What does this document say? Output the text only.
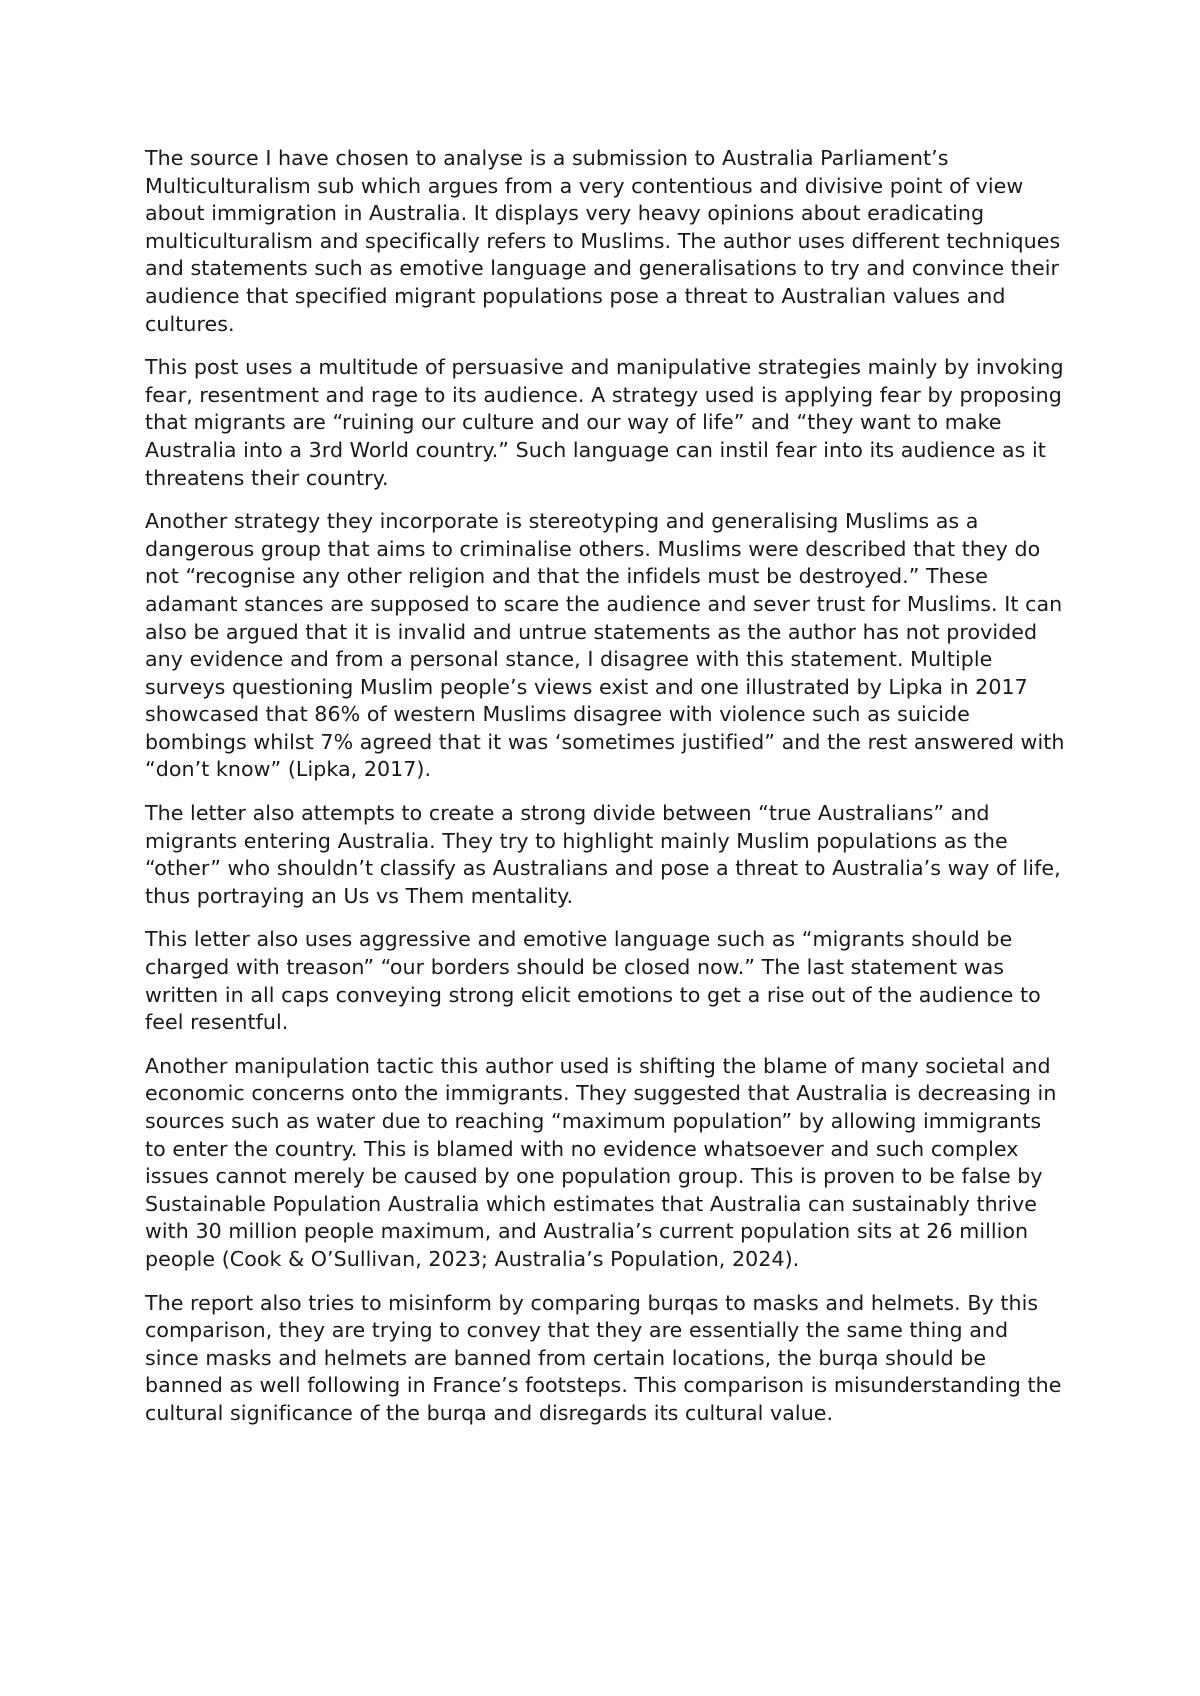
The source I have chosen to analyse is a submission to Australia Parliament’s Multiculturalism sub which argues from a very contentious and divisive point of view about immigration in Australia. It displays very heavy opinions about eradicating multiculturalism and specifically refers to Muslims. The author uses different techniques and statements such as emotive language and generalisations to try and convince their audience that specified migrant populations pose a threat to Australian values and cultures.

This post uses a multitude of persuasive and manipulative strategies mainly by invoking fear, resentment and rage to its audience. A strategy used is applying fear by proposing that migrants are “ruining our culture and our way of life” and “they want to make Australia into a 3rd World country.” Such language can instil fear into its audience as it threatens their country.

Another strategy they incorporate is stereotyping and generalising Muslims as a dangerous group that aims to criminalise others. Muslims were described that they do not “recognise any other religion and that the infidels must be destroyed.” These adamant stances are supposed to scare the audience and sever trust for Muslims. It can also be argued that it is invalid and untrue statements as the author has not provided any evidence and from a personal stance, I disagree with this statement. Multiple surveys questioning Muslim people’s views exist and one illustrated by Lipka in 2017 showcased that 86% of western Muslims disagree with violence such as suicide bombings whilst 7% agreed that it was ‘sometimes justified” and the rest answered with “don’t know” (Lipka, 2017).

The letter also attempts to create a strong divide between “true Australians” and migrants entering Australia. They try to highlight mainly Muslim populations as the “other” who shouldn’t classify as Australians and pose a threat to Australia’s way of life, thus portraying an Us vs Them mentality.

This letter also uses aggressive and emotive language such as “migrants should be charged with treason” “our borders should be closed now.” The last statement was written in all caps conveying strong elicit emotions to get a rise out of the audience to feel resentful.

Another manipulation tactic this author used is shifting the blame of many societal and economic concerns onto the immigrants. They suggested that Australia is decreasing in sources such as water due to reaching “maximum population” by allowing immigrants to enter the country. This is blamed with no evidence whatsoever and such complex issues cannot merely be caused by one population group. This is proven to be false by Sustainable Population Australia which estimates that Australia can sustainably thrive with 30 million people maximum, and Australia’s current population sits at 26 million people (Cook & O’Sullivan, 2023; Australia’s Population, 2024).

The report also tries to misinform by comparing burqas to masks and helmets. By this comparison, they are trying to convey that they are essentially the same thing and since masks and helmets are banned from certain locations, the burqa should be banned as well following in France’s footsteps. This comparison is misunderstanding the cultural significance of the burqa and disregards its cultural value.
